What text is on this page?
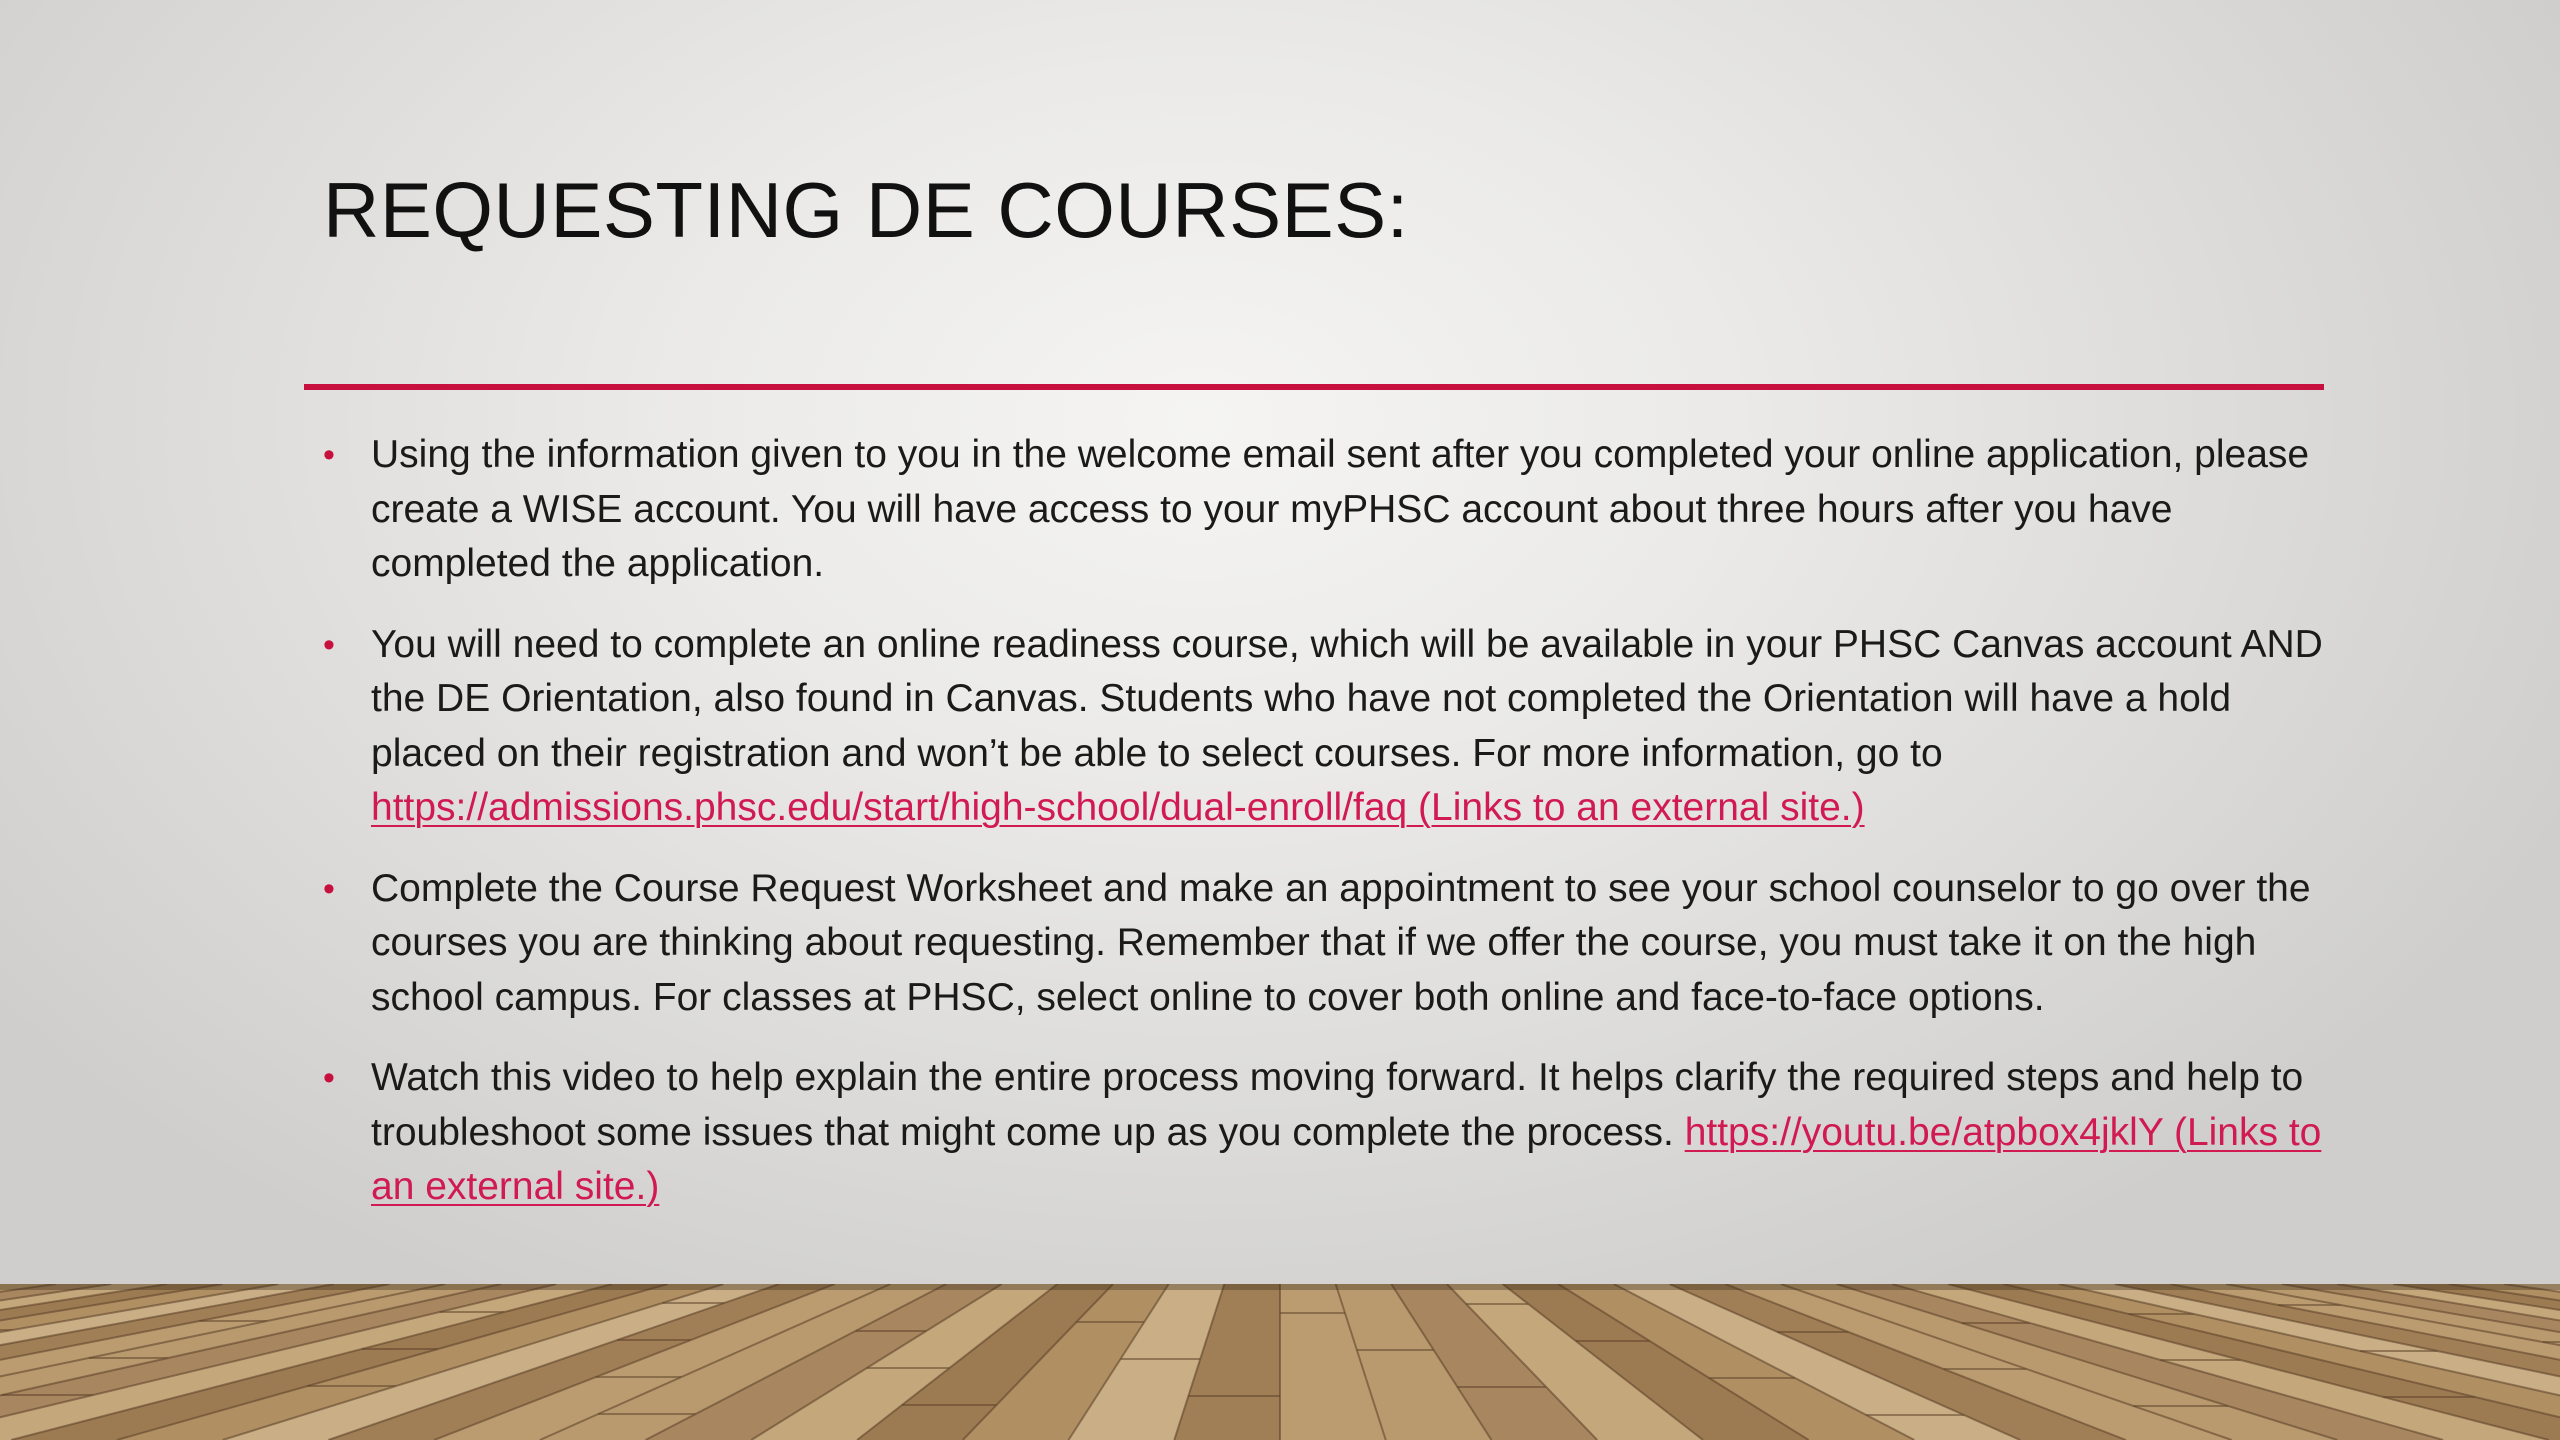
REQUESTING DE COURSES:
• Using the information given to you in the welcome email sent after you completed your online application, please create a WISE account. You will have access to your myPHSC account about three hours after you have completed the application.
• You will need to complete an online readiness course, which will be available in your PHSC Canvas account AND the DE Orientation, also found in Canvas. Students who have not completed the Orientation will have a hold placed on their registration and won’t be able to select courses. For more information, go to https://admissions.phsc.edu/start/high-school/dual-enroll/faq (Links to an external site.)
• Complete the Course Request Worksheet and make an appointment to see your school counselor to go over the courses you are thinking about requesting. Remember that if we offer the course, you must take it on the high school campus. For classes at PHSC, select online to cover both online and face-to-face options.
• Watch this video to help explain the entire process moving forward. It helps clarify the required steps and help to troubleshoot some issues that might come up as you complete the process. https://youtu.be/atpbox4jklY (Links to an external site.)
